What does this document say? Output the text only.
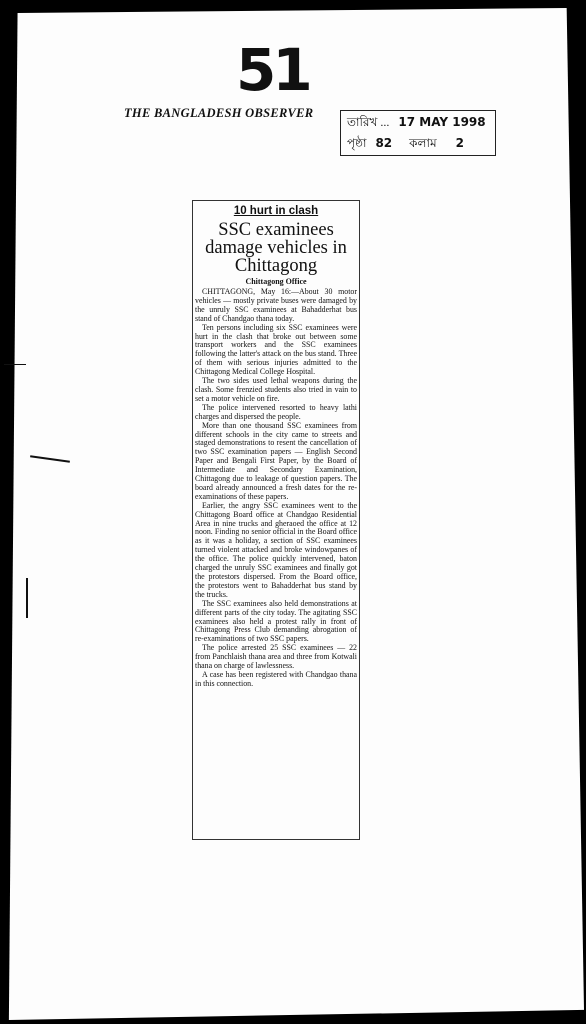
51
THE BANGLADESH OBSERVER
তারিখ ... 17 MAY 1998
পৃষ্ঠা 82 কলাম 2
10 hurt in clash
SSC examinees damage vehicles in Chittagong
Chittagong Office

CHITTAGONG, May 16:—About 30 motor vehicles — mostly private buses were damaged by the unruly SSC examinees at Bahadderhat bus stand of Chandgao thana today.

Ten persons including six SSC examinees were hurt in the clash that broke out between some transport workers and the SSC examinees following the latter's attack on the bus stand. Three of them with serious injuries admitted to the Chittagong Medical College Hospital.

The two sides used lethal weapons during the clash. Some frenzied students also tried in vain to set a motor vehicle on fire.

The police intervened resorted to heavy lathi charges and dispersed the people.

More than one thousand SSC examinees from different schools in the city came to streets and staged demonstrations to resent the cancellation of two SSC examination papers — English Second Paper and Bengali First Paper, by the Board of Intermediate and Secondary Examination, Chittagong due to leakage of question papers. The board already announced a fresh dates for the re-examinations of these papers.

Earlier, the angry SSC examinees went to the Chittagong Board office at Chandgao Residential Area in nine trucks and gheraoed the office at 12 noon. Finding no senior official in the Board office as it was a holiday, a section of SSC examinees turned violent attacked and broke windowpanes of the office. The police quickly intervened, baton charged the unruly SSC examinees and finally got the protestors dispersed. From the Board office, the protestors went to Bahadderhat bus stand by the trucks.

The SSC examinees also held demonstrations at different parts of the city today. The agitating SSC examinees also held a protest rally in front of Chittagong Press Club demanding abrogation of re-examinations of two SSC papers.

The police arrested 25 SSC examinees — 22 from Panchlaish thana area and three from Kotwali thana on charge of lawlessness.

A case has been registered with Chandgao thana in this connection.
